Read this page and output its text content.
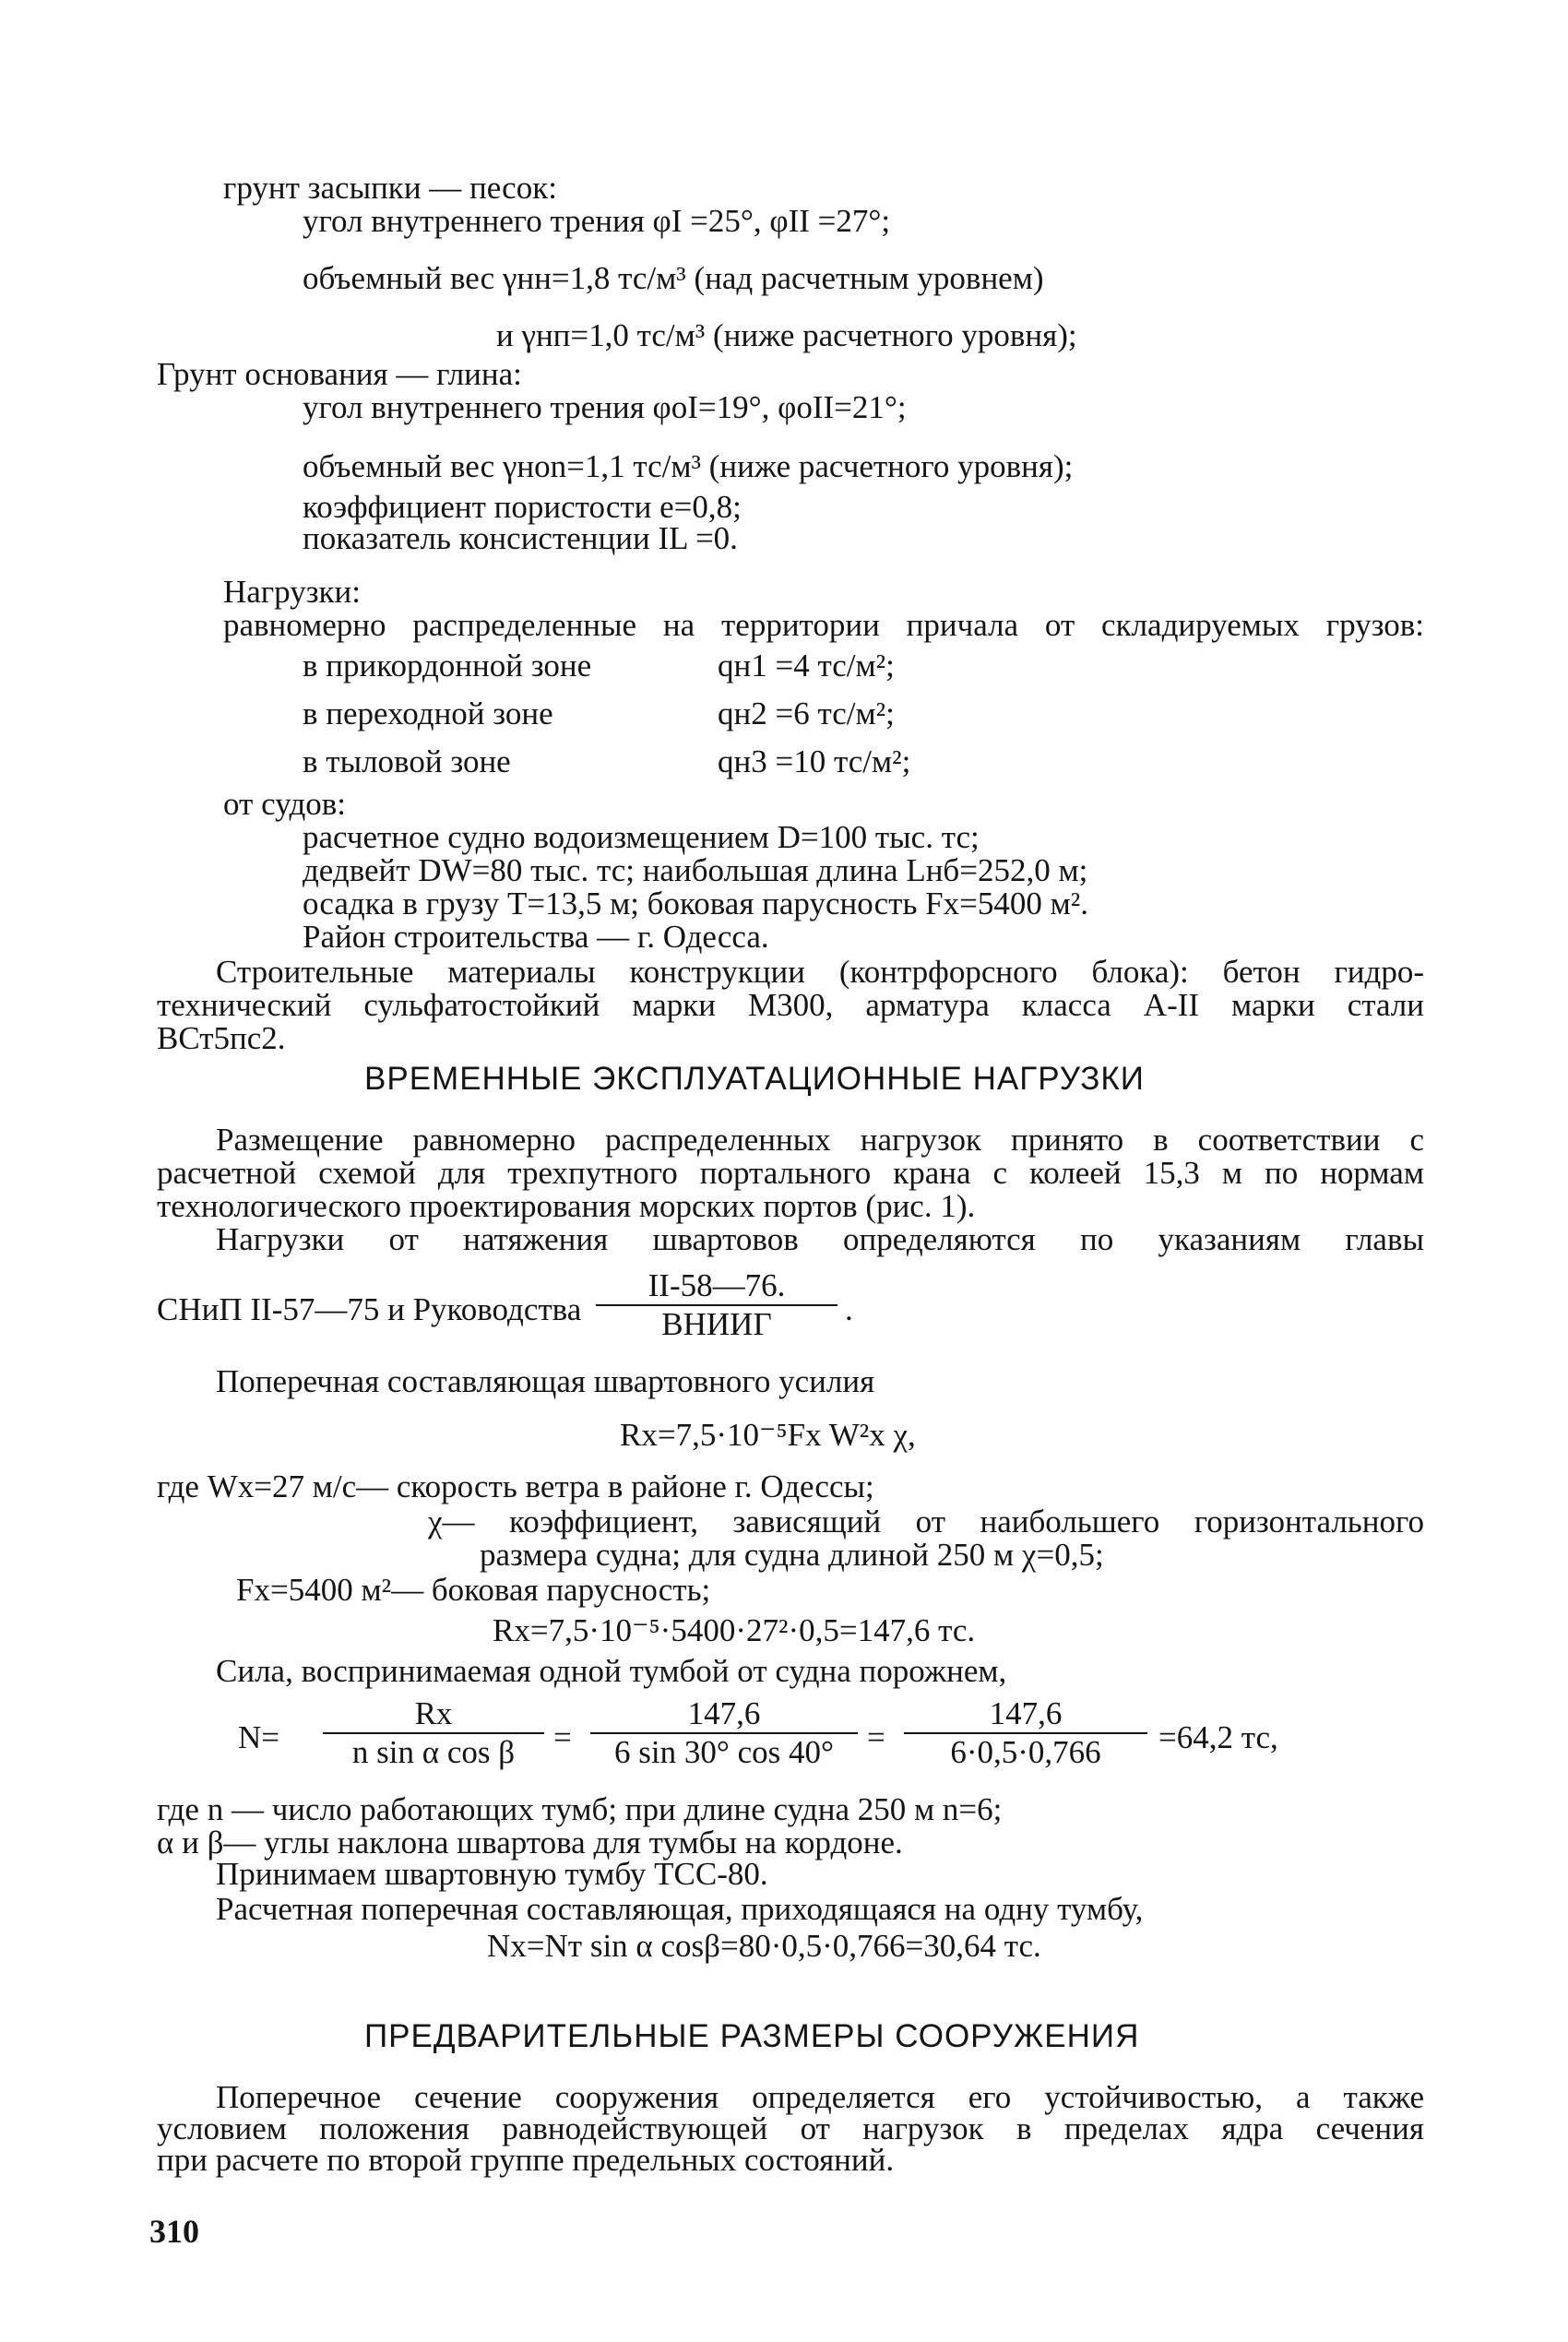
грунт засыпки — песок:
угол внутреннего трения φI =25°, φII =27°;
объемный вес γнн=1,8 тс/м³ (над расчетным уровнем)
и γнп=1,0 тс/м³ (ниже расчетного уровня);
Грунт основания — глина:
угол внутреннего трения φоI=19°, φоII=21°;
объемный вес γнon=1,1 тс/м³ (ниже расчетного уровня);
коэффициент пористости e=0,8;
показатель консистенции IL =0.
Нагрузки:
равномерно распределенные на территории причала от складируемых грузов:
в прикордонной зоне	qн1 =4 тс/м²;
в переходной зоне	qн2 =6 тс/м²;
в тыловой зоне	qн3 =10 тс/м²;
от судов:
расчетное судно водоизмещением D=100 тыс. тс;
дедвейт DW=80 тыс. тс; наибольшая длина Lнб=252,0 м;
осадка в грузу T=13,5 м; боковая парусность Fx=5400 м².
Район строительства — г. Одесса.
Строительные материалы конструкции (контрфорсного блока): бетон гидро-
технический сульфатостойкий марки М300, арматура класса А-II марки стали
ВСт5пс2.
ВРЕМЕННЫЕ ЭКСПЛУАТАЦИОННЫЕ НАГРУЗКИ
Размещение равномерно распределенных нагрузок принято в соответствии с
расчетной схемой для трехпутного портального крана с колеей 15,3 м по нормам
технологического проектирования морских портов (рис. 1).
Нагрузки от натяжения швартовов определяются по указаниям главы
СНиП II-57—75 и Руководства
II-58—76.
ВНИИГ	.
Поперечная составляющая швартовного усилия
Rx=7,5·10⁻⁵Fx W²x χ,
где Wx=27 м/с— скорость ветра в районе г. Одессы;
χ— коэффициент, зависящий от наибольшего горизонтального
размера судна; для судна длиной 250 м χ=0,5;
Fx=5400 м²— боковая парусность;
Rx=7,5·10⁻⁵·5400·27²·0,5=147,6 тс.
Сила, воспринимаемая одной тумбой от судна порожнем,
$N= \frac{Rx}{\text{n sin α cos β}} = \frac{147,6}{6 \sin 30^\circ \cos 40^\circ} = \frac{147,6}{6\cdot 0,5\cdot 0,766} =64,2$ тс,
где n — число работающих тумб; при длине судна 250 м n=6;
α и β— углы наклона швартова для тумбы на кордоне.
Принимаем швартовную тумбу ТСС-80.
Расчетная поперечная составляющая, приходящаяся на одну тумбу,
Nx=Nт sin α cosβ=80·0,5·0,766=30,64 тс.
ПРЕДВАРИТЕЛЬНЫЕ РАЗМЕРЫ СООРУЖЕНИЯ
Поперечное сечение сооружения определяется его устойчивостью, а также
условием положения равнодействующей от нагрузок в пределах ядра сечения
при расчете по второй группе предельных состояний.
310
